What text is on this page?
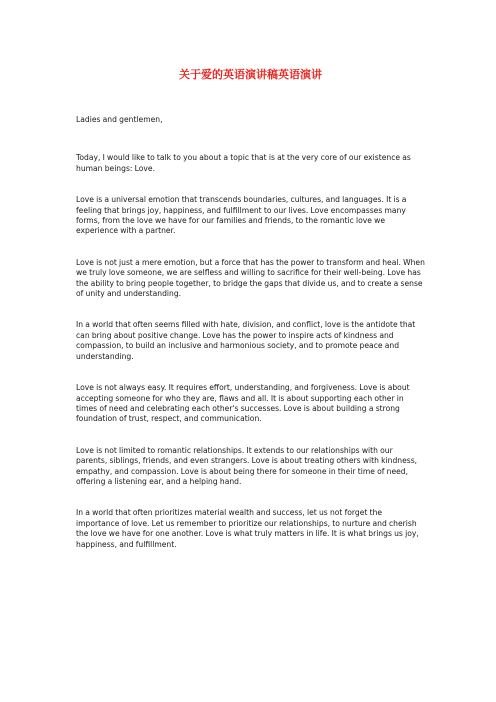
关于爱的英语演讲稿英语演讲

Ladies and gentlemen,

Today, I would like to talk to you about a topic that is at the very core of our existence as human beings: Love.

Love is a universal emotion that transcends boundaries, cultures, and languages. It is a feeling that brings joy, happiness, and fulfillment to our lives. Love encompasses many forms, from the love we have for our families and friends, to the romantic love we experience with a partner.

Love is not just a mere emotion, but a force that has the power to transform and heal. When we truly love someone, we are selfless and willing to sacrifice for their well-being. Love has the ability to bring people together, to bridge the gaps that divide us, and to create a sense of unity and understanding.

In a world that often seems filled with hate, division, and conflict, love is the antidote that can bring about positive change. Love has the power to inspire acts of kindness and compassion, to build an inclusive and harmonious society, and to promote peace and understanding.

Love is not always easy. It requires effort, understanding, and forgiveness. Love is about accepting someone for who they are, flaws and all. It is about supporting each other in times of need and celebrating each other's successes. Love is about building a strong foundation of trust, respect, and communication.

Love is not limited to romantic relationships. It extends to our relationships with our parents, siblings, friends, and even strangers. Love is about treating others with kindness, empathy, and compassion. Love is about being there for someone in their time of need, offering a listening ear, and a helping hand.

In a world that often prioritizes material wealth and success, let us not forget the importance of love. Let us remember to prioritize our relationships, to nurture and cherish the love we have for one another. Love is what truly matters in life. It is what brings us joy, happiness, and fulfillment.
